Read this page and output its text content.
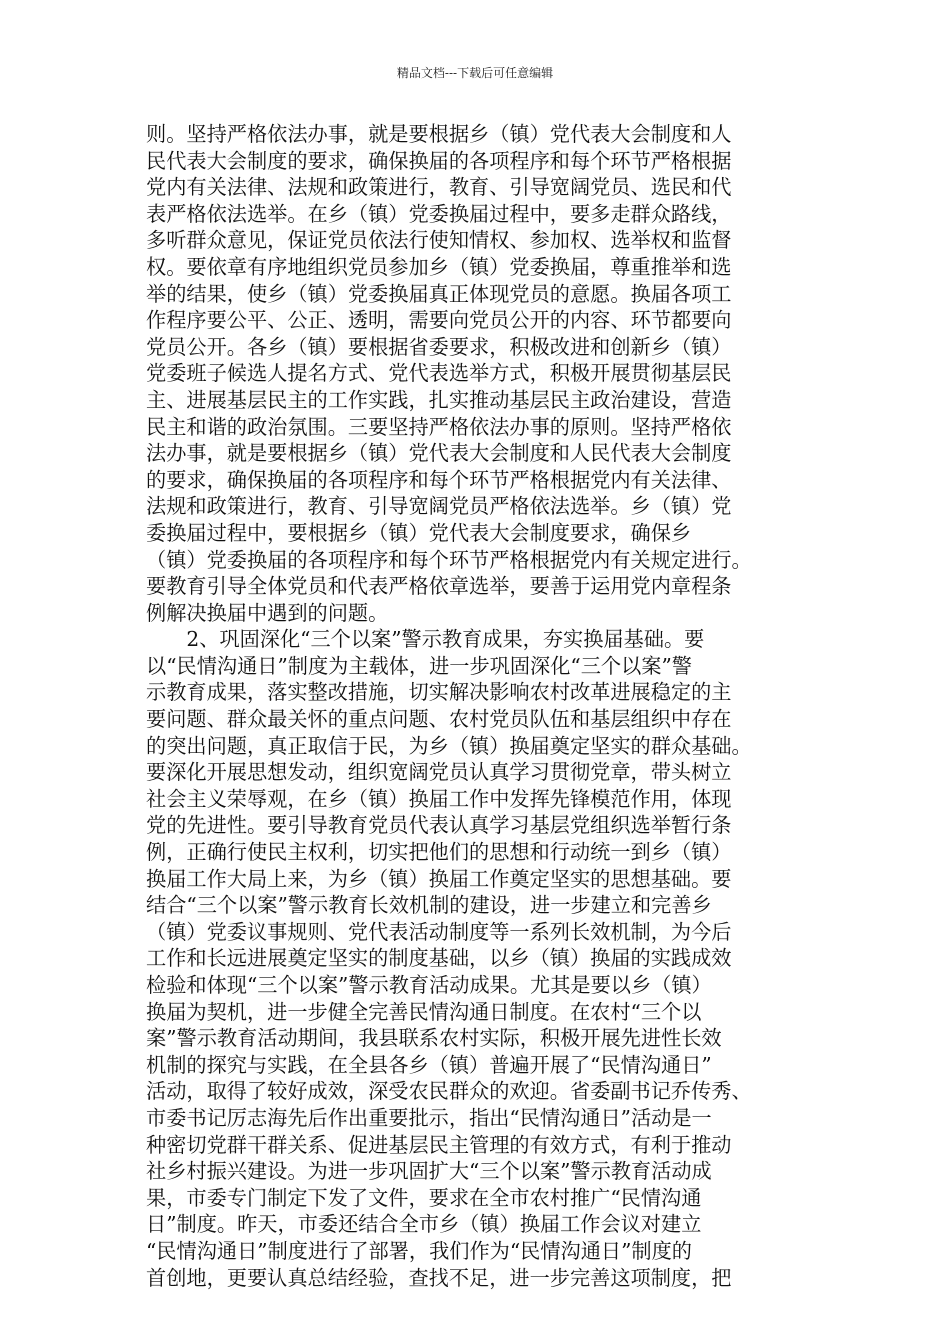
精品文档---下载后可任意编辑
则。坚持严格依法办事，就是要根据乡（镇）党代表大会制度和人
民代表大会制度的要求，确保换届的各项程序和每个环节严格根据
党内有关法律、法规和政策进行，教育、引导宽阔党员、选民和代
表严格依法选举。在乡（镇）党委换届过程中，要多走群众路线，
多听群众意见，保证党员依法行使知情权、参加权、选举权和监督
权。要依章有序地组织党员参加乡（镇）党委换届，尊重推举和选
举的结果，使乡（镇）党委换届真正体现党员的意愿。换届各项工
作程序要公平、公正、透明，需要向党员公开的内容、环节都要向
党员公开。各乡（镇）要根据省委要求，积极改进和创新乡（镇）
党委班子候选人提名方式、党代表选举方式，积极开展贯彻基层民
主、进展基层民主的工作实践，扎实推动基层民主政治建设，营造
民主和谐的政治氛围。三要坚持严格依法办事的原则。坚持严格依
法办事，就是要根据乡（镇）党代表大会制度和人民代表大会制度
的要求，确保换届的各项程序和每个环节严格根据党内有关法律、
法规和政策进行，教育、引导宽阔党员严格依法选举。乡（镇）党
委换届过程中，要根据乡（镇）党代表大会制度要求，确保乡
（镇）党委换届的各项程序和每个环节严格根据党内有关规定进行。
要教育引导全体党员和代表严格依章选举，要善于运用党内章程条
例解决换届中遇到的问题。
　　2、巩固深化“三个以案”警示教育成果，夯实换届基础。要
以“民情沟通日”制度为主载体，进一步巩固深化“三个以案”警
示教育成果，落实整改措施，切实解决影响农村改革进展稳定的主
要问题、群众最关怀的重点问题、农村党员队伍和基层组织中存在
的突出问题，真正取信于民，为乡（镇）换届奠定坚实的群众基础。
要深化开展思想发动，组织宽阔党员认真学习贯彻党章，带头树立
社会主义荣辱观，在乡（镇）换届工作中发挥先锋模范作用，体现
党的先进性。要引导教育党员代表认真学习基层党组织选举暂行条
例，正确行使民主权利，切实把他们的思想和行动统一到乡（镇）
换届工作大局上来，为乡（镇）换届工作奠定坚实的思想基础。要
结合“三个以案”警示教育长效机制的建设，进一步建立和完善乡
（镇）党委议事规则、党代表活动制度等一系列长效机制，为今后
工作和长远进展奠定坚实的制度基础，以乡（镇）换届的实践成效
检验和体现“三个以案”警示教育活动成果。尤其是要以乡（镇）
换届为契机，进一步健全完善民情沟通日制度。在农村“三个以
案”警示教育活动期间，我县联系农村实际，积极开展先进性长效
机制的探究与实践，在全县各乡（镇）普遍开展了“民情沟通日”
活动，取得了较好成效，深受农民群众的欢迎。省委副书记乔传秀、
市委书记厉志海先后作出重要批示，指出“民情沟通日”活动是一
种密切党群干群关系、促进基层民主管理的有效方式，有利于推动
社乡村振兴建设。为进一步巩固扩大“三个以案”警示教育活动成
果，市委专门制定下发了文件，要求在全市农村推广“民情沟通
日”制度。昨天，市委还结合全市乡（镇）换届工作会议对建立
“民情沟通日”制度进行了部署，我们作为“民情沟通日”制度的
首创地，更要认真总结经验，查找不足，进一步完善这项制度，把
